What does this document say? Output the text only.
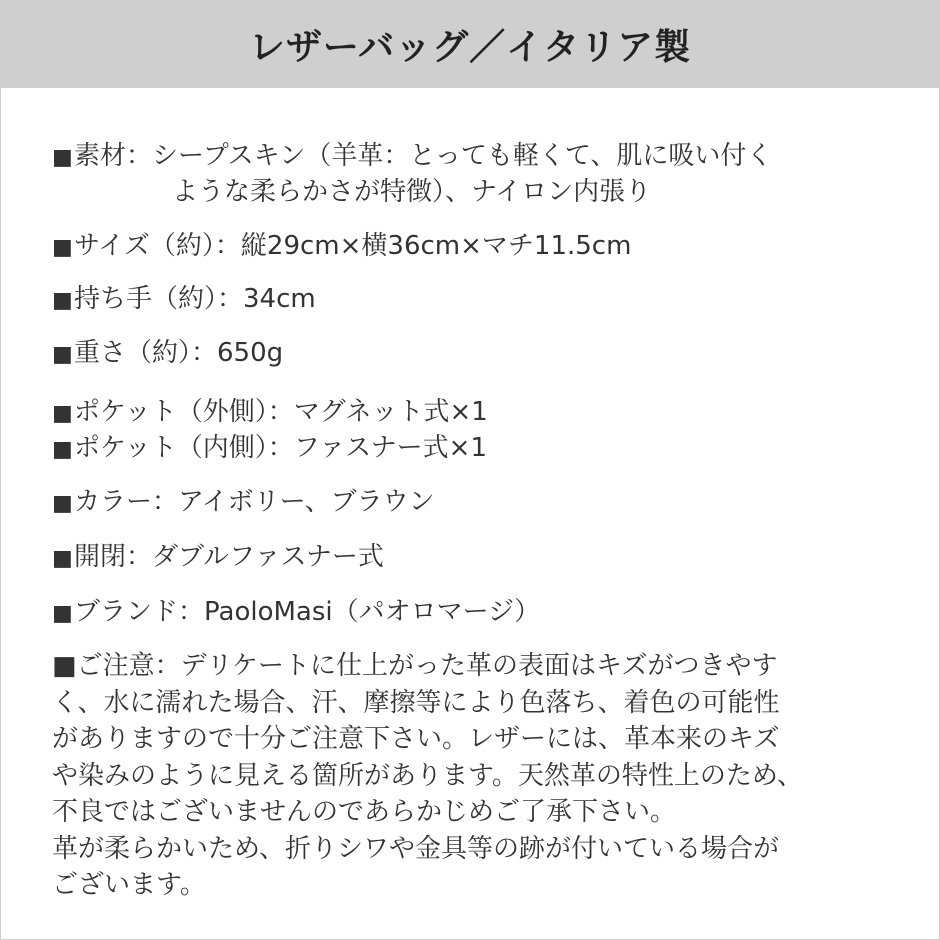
レザーバッグ／イタリア製
■素材：シープスキン（羊革：とっても軽くて、肌に吸い付く
ような柔らかさが特徴）、ナイロン内張り
■サイズ（約）：縦29cm×横36cm×マチ11.5cm
■持ち手（約）：34cm
■重さ（約）：650g
■ポケット（外側）：マグネット式×1
■ポケット（内側）：ファスナー式×1
■カラー：アイボリー、ブラウン
■開閉：ダブルファスナー式
■ブランド：PaoloMasi（パオロマージ）

■ご注意：デリケートに仕上がった革の表面はキズがつきやす

く、水に濡れた場合、汗、摩擦等により色落ち、着色の可能性

がありますので十分ご注意下さい。レザーには、革本来のキズ

や染みのように見える箇所があります。天然革の特性上のため、

不良ではございませんのであらかじめご了承下さい。

革が柔らかいため、折りシワや金具等の跡が付いている場合が

ございます。
